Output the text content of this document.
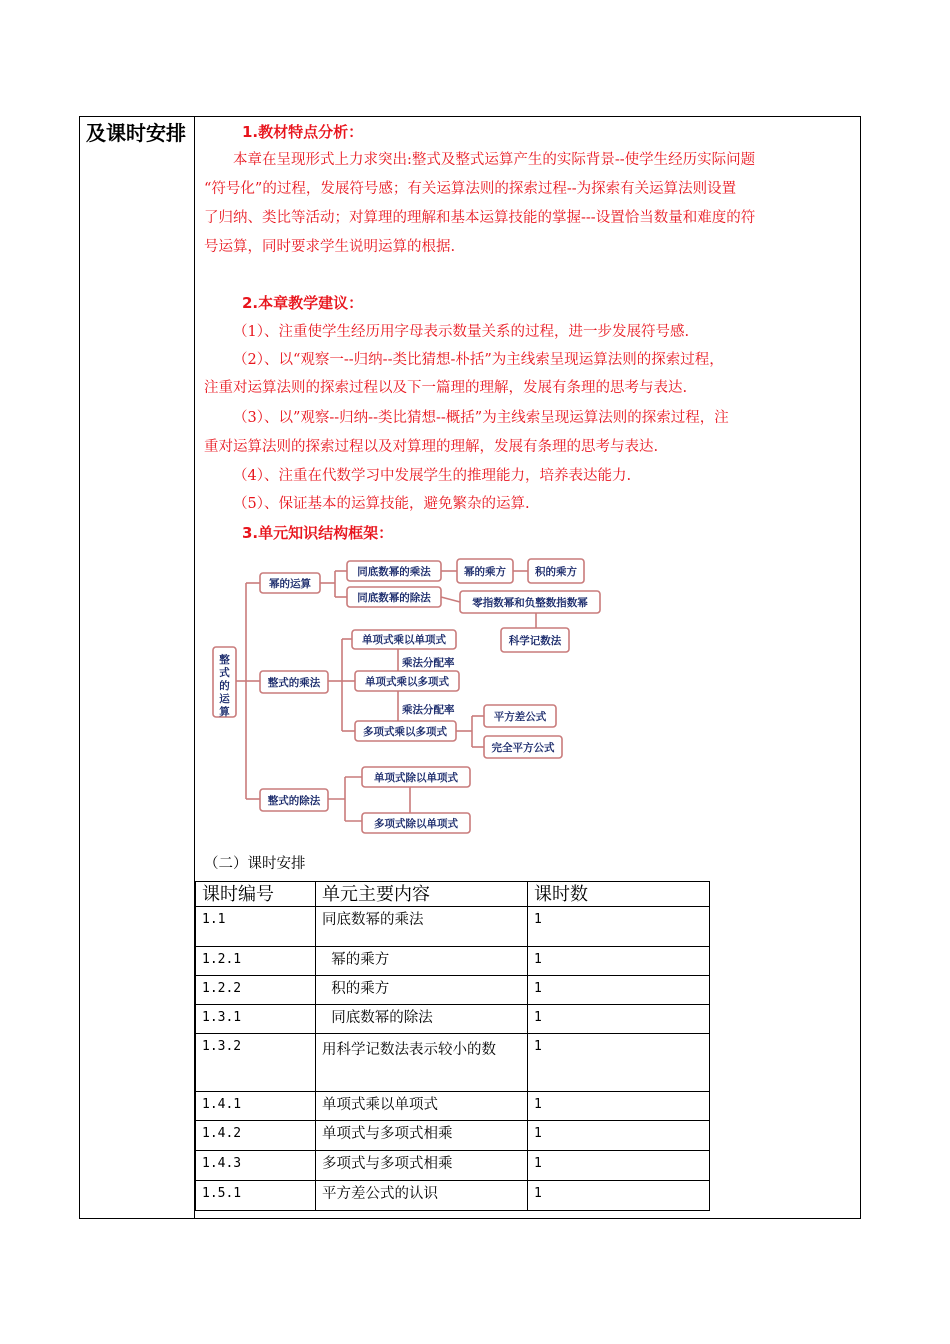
及课时安排	1.教材特点分析：
本章在呈现形式上力求突出:整式及整式运算产生的实际背景--使学生经历实际问题
“符号化”的过程，发展符号感；有关运算法则的探索过程--为探索有关运算法则设置
了归纳、类比等活动；对算理的理解和基本运算技能的掌握---设置恰当数量和难度的符
号运算，同时要求学生说明运算的根据.
2.本章教学建议：
（1）、注重使学生经历用字母表示数量关系的过程，进一步发展符号感.
（2）、以“观察一--归纳--类比猜想-朴括”为主线索呈现运算法则的探索过程，
注重对运算法则的探索过程以及下一篇理的理解，发展有条理的思考与表达.
（3）、以”观察--归纳--类比猜想--概括”为主线索呈现运算法则的探索过程，注
重对运算法则的探索过程以及对算理的理解，发展有条理的思考与表达.
（4）、注重在代数学习中发展学生的推理能力，培养表达能力.
（5）、保证基本的运算技能，避免繁杂的运算.
3.单元知识结构框架：
整
式
的
运
算
幂的运算
同底数幂的乘法	幂的乘方	积的乘方
同底数幂的除法	零指数幂和负整数指数幂
科学记数法
整式的乘法
单项式乘以单项式
乘法分配率
单项式乘以多项式
乘法分配率
多项式乘以多项式
平方差公式
完全平方公式
整式的除法
单项式除以单项式
多项式除以单项式
（二）课时安排
课时编号	单元主要内容	课时数
1.1	同底数幂的乘法	1
1.2.1	幂的乘方	1
1.2.2	积的乘方	1
1.3.1	同底数幂的除法	1
1.3.2	用科学记数法表示较小的数	1
1.4.1	单项式乘以单项式	1
1.4.2	单项式与多项式相乘	1
1.4.3	多项式与多项式相乘	1
1.5.1	平方差公式的认识	1
